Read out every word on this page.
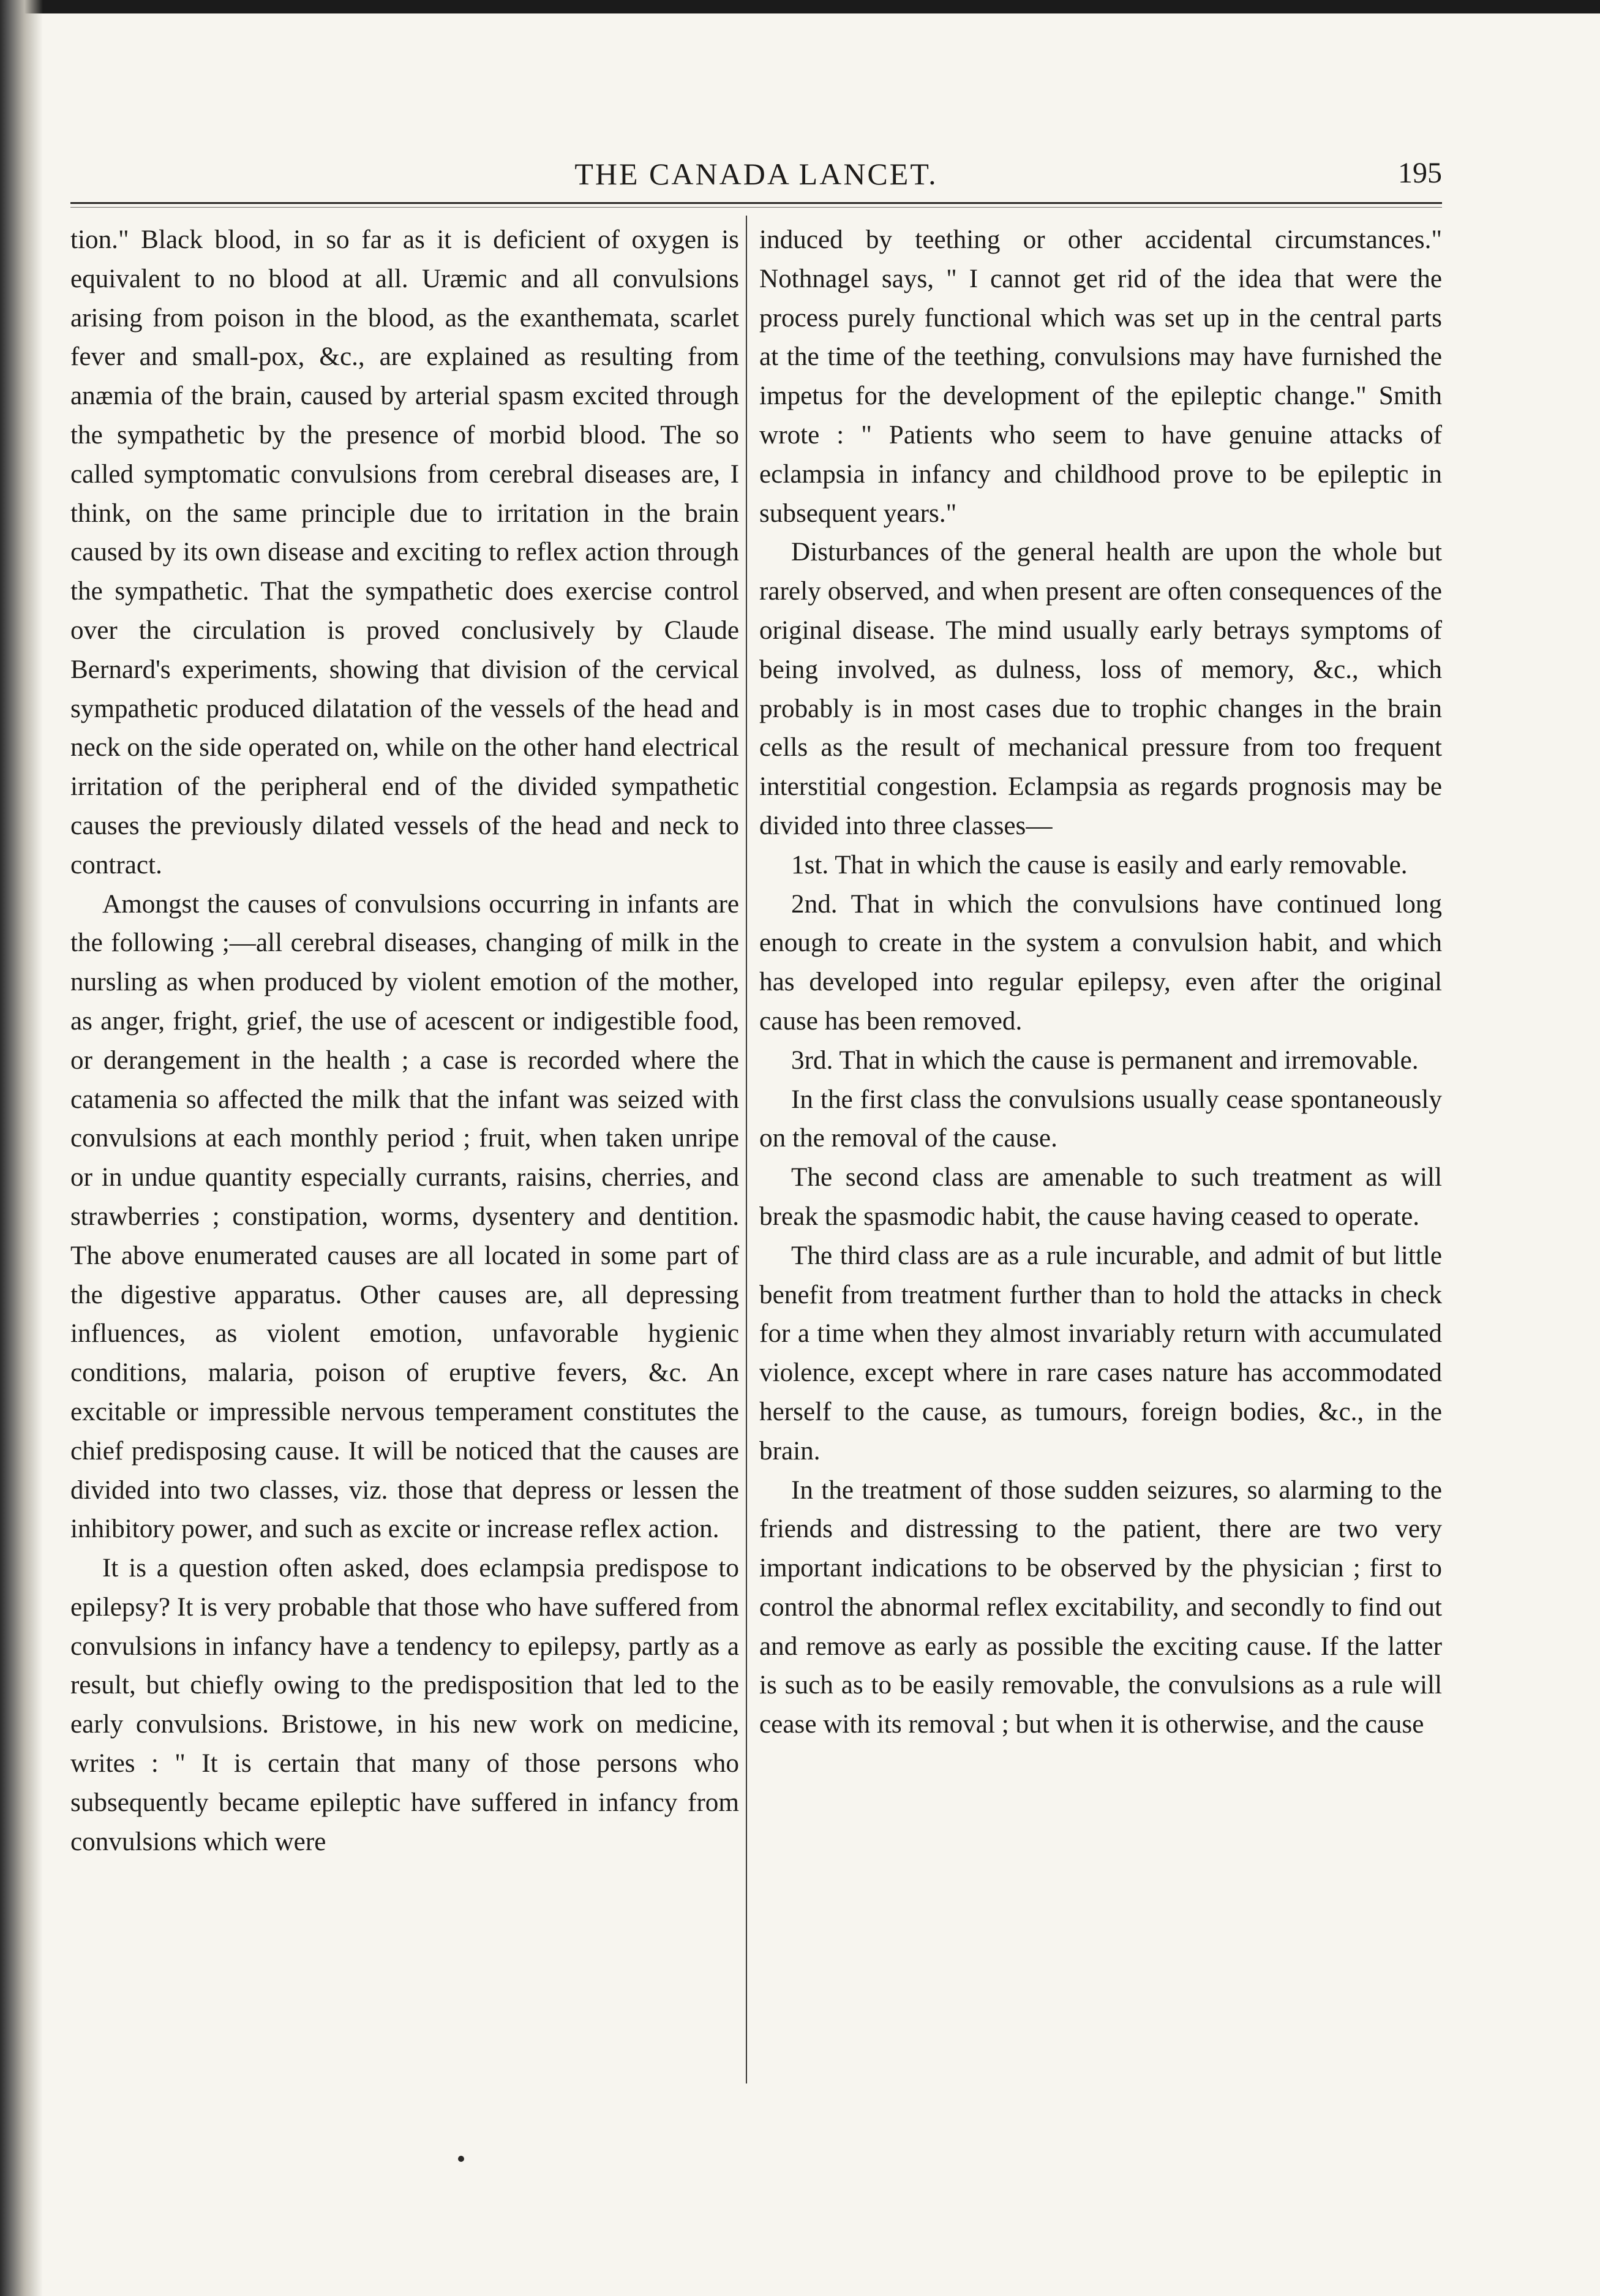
THE CANADA LANCET.	195

tion." Black blood, in so far as it is deficient of oxygen is equivalent to no blood at all. Uræmic and all convulsions arising from poison in the blood, as the exanthemata, scarlet fever and small-pox, &c., are explained as resulting from anæmia of the brain, caused by arterial spasm excited through the sympathetic by the presence of morbid blood. The so called symptomatic convulsions from cerebral diseases are, I think, on the same principle due to irritation in the brain caused by its own disease and exciting to reflex action through the sympathetic. That the sympathetic does exercise control over the circulation is proved conclusively by Claude Bernard's experiments, showing that division of the cervical sympathetic produced dilatation of the vessels of the head and neck on the side operated on, while on the other hand electrical irritation of the peripheral end of the divided sympathetic causes the previously dilated vessels of the head and neck to contract.

Amongst the causes of convulsions occurring in infants are the following ;—all cerebral diseases, changing of milk in the nursling as when produced by violent emotion of the mother, as anger, fright, grief, the use of acescent or indigestible food, or derangement in the health ; a case is recorded where the catamenia so affected the milk that the infant was seized with convulsions at each monthly period ; fruit, when taken unripe or in undue quantity especially currants, raisins, cherries, and strawberries ; constipation, worms, dysentery and dentition. The above enumerated causes are all located in some part of the digestive apparatus. Other causes are, all depressing influences, as violent emotion, unfavorable hygienic conditions, malaria, poison of eruptive fevers, &c. An excitable or impressible nervous temperament constitutes the chief predisposing cause. It will be noticed that the causes are divided into two classes, viz. those that depress or lessen the inhibitory power, and such as excite or increase reflex action.

It is a question often asked, does eclampsia predispose to epilepsy? It is very probable that those who have suffered from convulsions in infancy have a tendency to epilepsy, partly as a result, but chiefly owing to the predisposition that led to the early convulsions. Bristowe, in his new work on medicine, writes : " It is certain that many of those persons who subsequently became epileptic have suffered in infancy from convulsions which were

induced by teething or other accidental circumstances." Nothnagel says, " I cannot get rid of the idea that were the process purely functional which was set up in the central parts at the time of the teething, convulsions may have furnished the impetus for the development of the epileptic change." Smith wrote : " Patients who seem to have genuine attacks of eclampsia in infancy and childhood prove to be epileptic in subsequent years."

Disturbances of the general health are upon the whole but rarely observed, and when present are often consequences of the original disease. The mind usually early betrays symptoms of being involved, as dulness, loss of memory, &c., which probably is in most cases due to trophic changes in the brain cells as the result of mechanical pressure from too frequent interstitial congestion. Eclampsia as regards prognosis may be divided into three classes—

1st. That in which the cause is easily and early removable.

2nd. That in which the convulsions have continued long enough to create in the system a convulsion habit, and which has developed into regular epilepsy, even after the original cause has been removed.

3rd. That in which the cause is permanent and irremovable.

In the first class the convulsions usually cease spontaneously on the removal of the cause.

The second class are amenable to such treatment as will break the spasmodic habit, the cause having ceased to operate.

The third class are as a rule incurable, and admit of but little benefit from treatment further than to hold the attacks in check for a time when they almost invariably return with accumulated violence, except where in rare cases nature has accommodated herself to the cause, as tumours, foreign bodies, &c., in the brain.

In the treatment of those sudden seizures, so alarming to the friends and distressing to the patient, there are two very important indications to be observed by the physician ; first to control the abnormal reflex excitability, and secondly to find out and remove as early as possible the exciting cause. If the latter is such as to be easily removable, the convulsions as a rule will cease with its removal ; but when it is otherwise, and the cause
